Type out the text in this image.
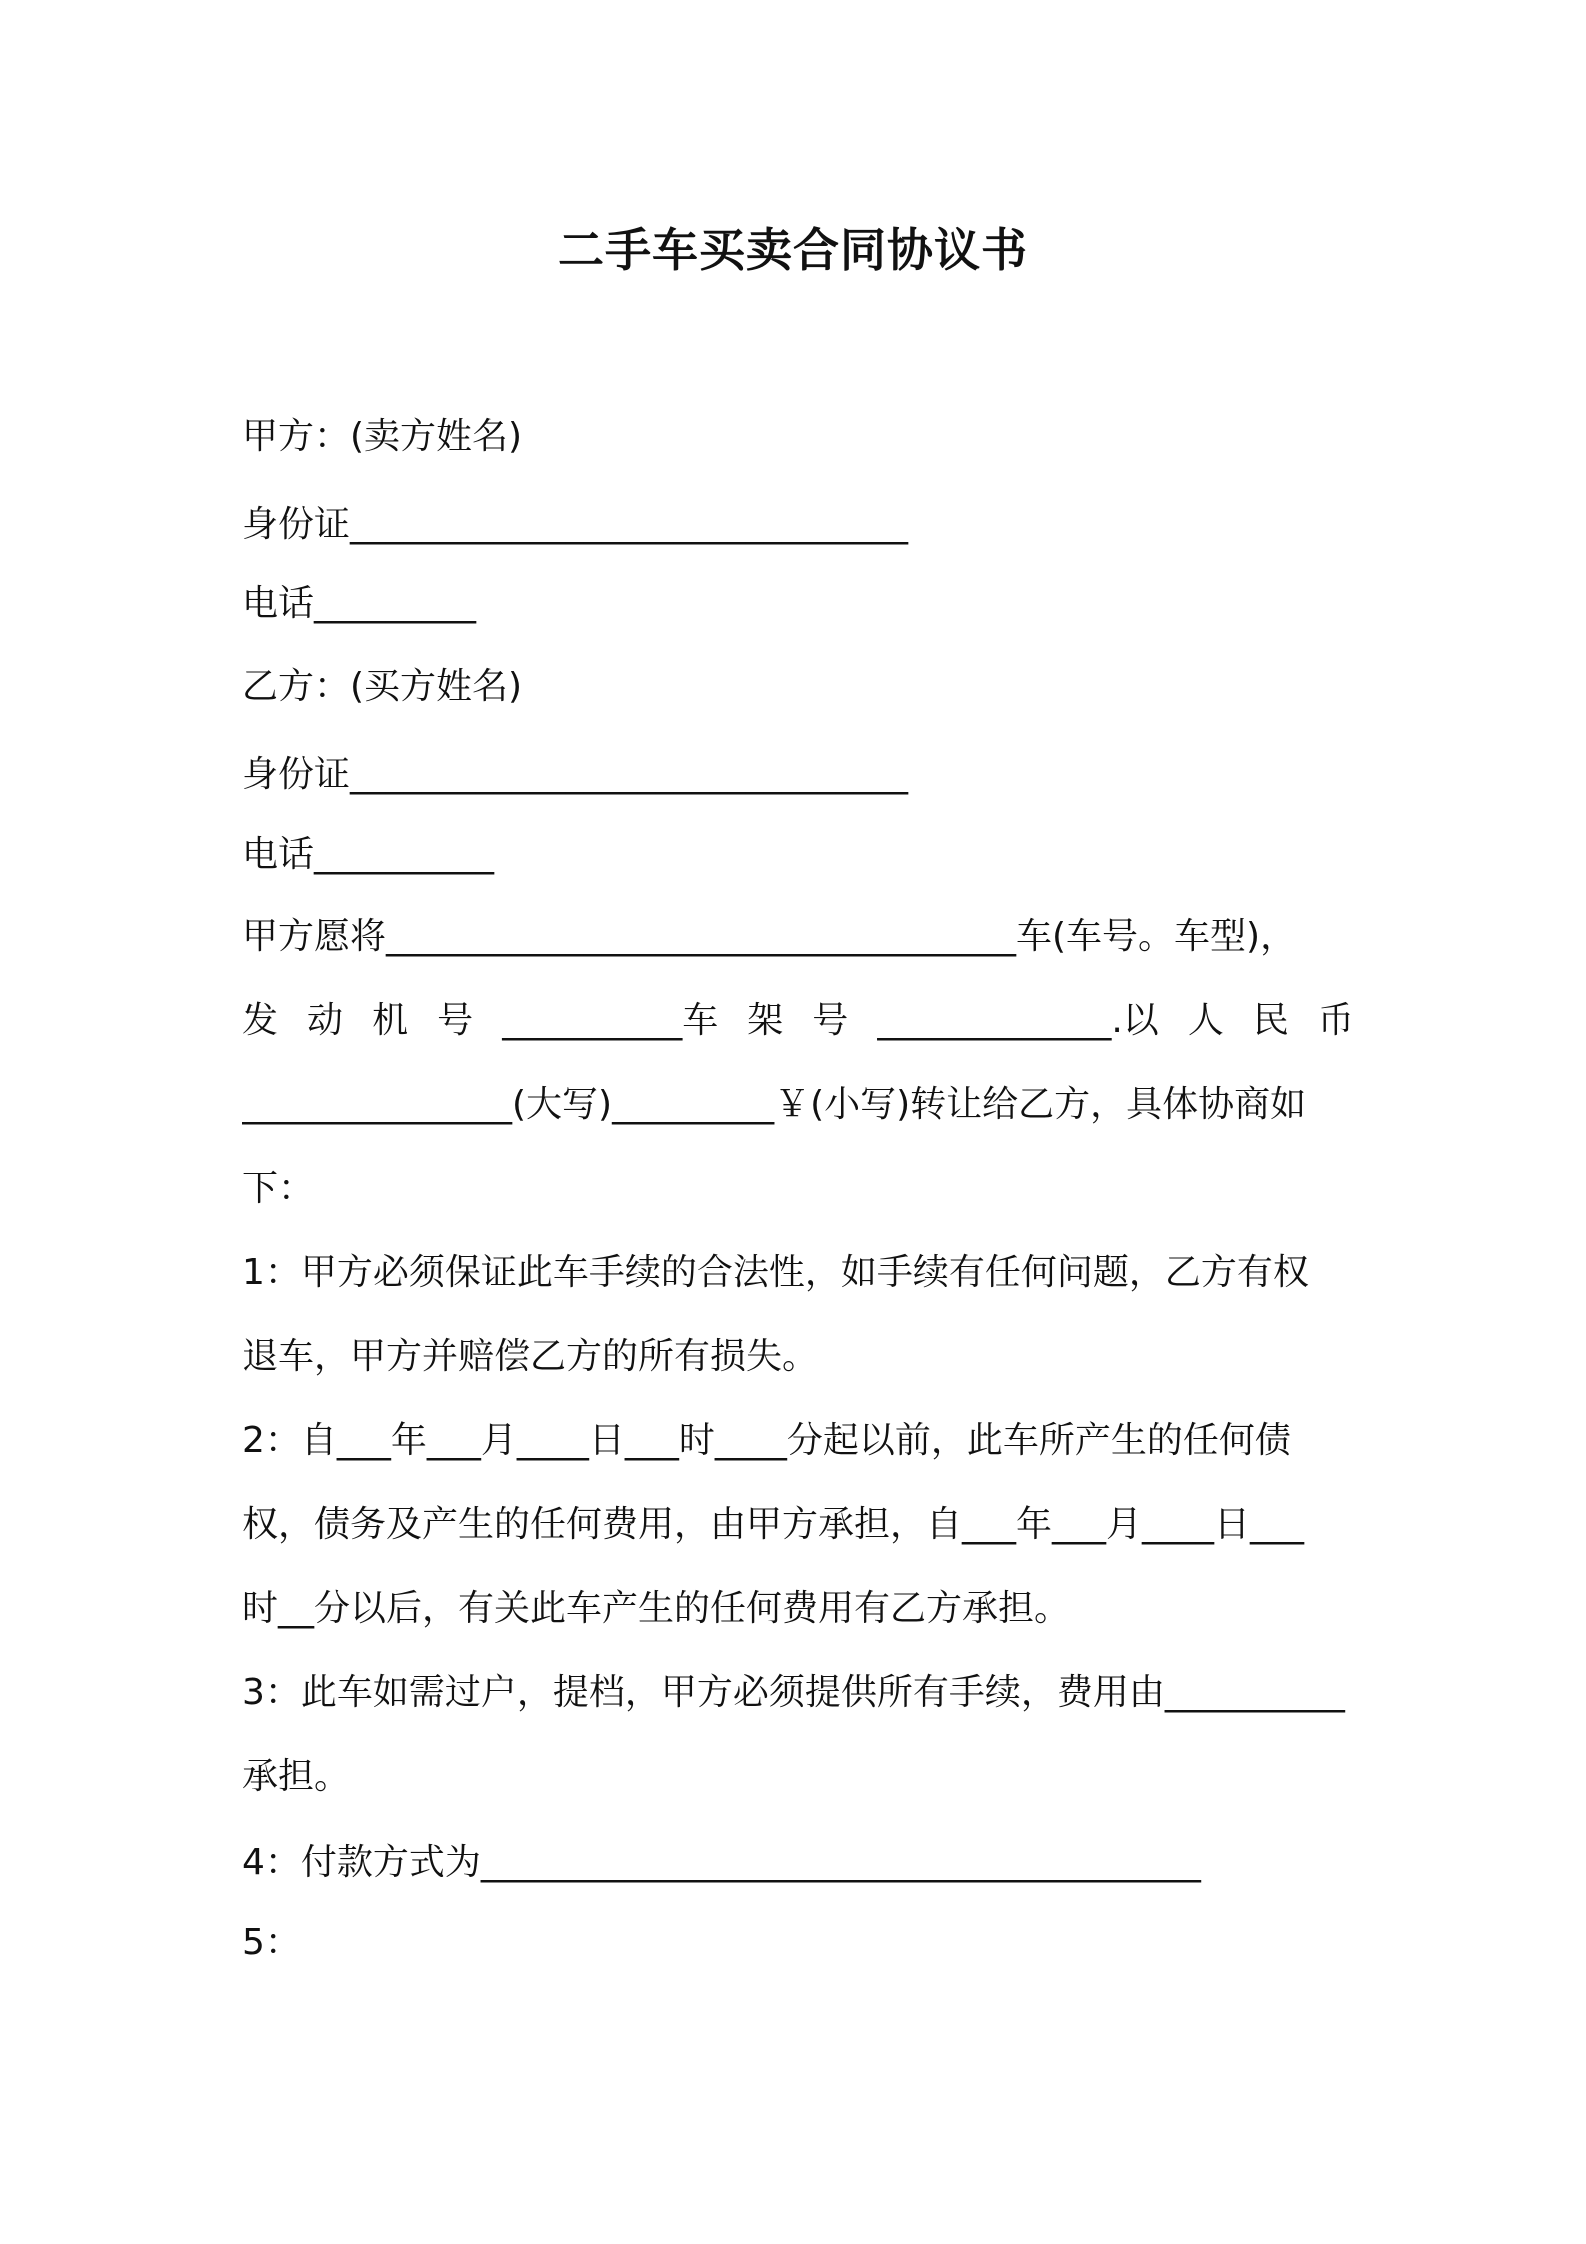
二手车买卖合同协议书
甲方：(卖方姓名)
身份证_______________________________
电话_________
乙方：(买方姓名)
身份证_______________________________
电话__________
甲方愿将___________________________________车(车号。车型)，
发 动 机 号 __________车 架 号 _____________.以 人 民 币
_______________(大写)_________￥(小写)转让给乙方，具体协商如
下：
1：甲方必须保证此车手续的合法性，如手续有任何问题，乙方有权
退车，甲方并赔偿乙方的所有损失。
2：自___年___月____日___时____分起以前，此车所产生的任何债
权，债务及产生的任何费用，由甲方承担，自___年___月____日___
时__分以后，有关此车产生的任何费用有乙方承担。
3：此车如需过户，提档，甲方必须提供所有手续，费用由__________
承担。
4：付款方式为________________________________________
5：
